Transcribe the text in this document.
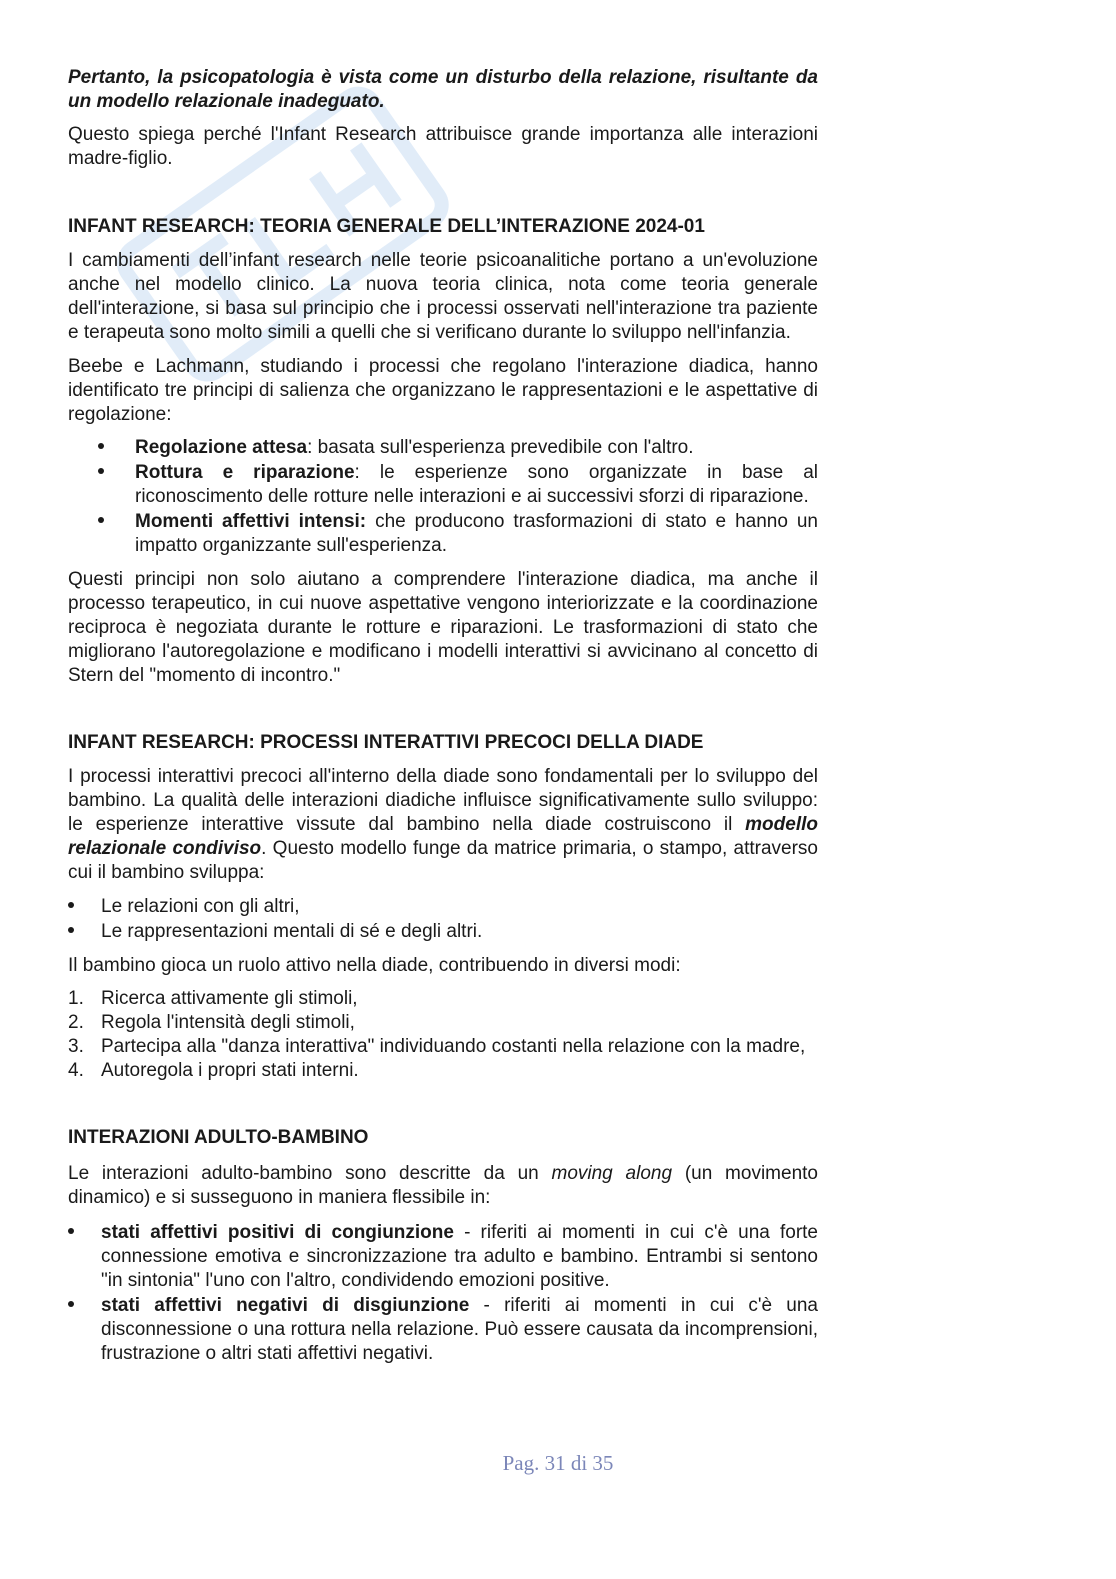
Pertanto, la psicopatologia è vista come un disturbo della relazione, risultante da un modello relazionale inadeguato.

Questo spiega perché l'Infant Research attribuisce grande importanza alle interazioni madre-figlio.

INFANT RESEARCH: TEORIA GENERALE DELL’INTERAZIONE 2024-01

I cambiamenti dell’infant research nelle teorie psicoanalitiche portano a un'evoluzione anche nel modello clinico. La nuova teoria clinica, nota come teoria generale dell'interazione, si basa sul principio che i processi osservati nell'interazione tra paziente e terapeuta sono molto simili a quelli che si verificano durante lo sviluppo nell'infanzia.

Beebe e Lachmann, studiando i processi che regolano l'interazione diadica, hanno identificato tre principi di salienza che organizzano le rappresentazioni e le aspettative di regolazione:

Regolazione attesa: basata sull'esperienza prevedibile con l'altro.
Rottura e riparazione: le esperienze sono organizzate in base al riconoscimento delle rotture nelle interazioni e ai successivi sforzi di riparazione.
Momenti affettivi intensi: che producono trasformazioni di stato e hanno un impatto organizzante sull'esperienza.

Questi principi non solo aiutano a comprendere l'interazione diadica, ma anche il processo terapeutico, in cui nuove aspettative vengono interiorizzate e la coordinazione reciproca è negoziata durante le rotture e riparazioni. Le trasformazioni di stato che migliorano l'autoregolazione e modificano i modelli interattivi si avvicinano al concetto di Stern del "momento di incontro."

INFANT RESEARCH: PROCESSI INTERATTIVI PRECOCI DELLA DIADE

I processi interattivi precoci all'interno della diade sono fondamentali per lo sviluppo del bambino. La qualità delle interazioni diadiche influisce significativamente sullo sviluppo: le esperienze interattive vissute dal bambino nella diade costruiscono il modello relazionale condiviso. Questo modello funge da matrice primaria, o stampo, attraverso cui il bambino sviluppa:

Le relazioni con gli altri,
Le rappresentazioni mentali di sé e degli altri.

Il bambino gioca un ruolo attivo nella diade, contribuendo in diversi modi:

1. Ricerca attivamente gli stimoli,
2. Regola l'intensità degli stimoli,
3. Partecipa alla "danza interattiva" individuando costanti nella relazione con la madre,
4. Autoregola i propri stati interni.
INTERAZIONI ADULTO-BAMBINO

Le interazioni adulto-bambino sono descritte da un moving along (un movimento dinamico) e si susseguono in maniera flessibile in:

stati affettivi positivi di congiunzione - riferiti ai momenti in cui c'è una forte connessione emotiva e sincronizzazione tra adulto e bambino. Entrambi si sentono "in sintonia" l'uno con l'altro, condividendo emozioni positive.
stati affettivi negativi di disgiunzione - riferiti ai momenti in cui c'è una disconnessione o una rottura nella relazione. Può essere causata da incomprensioni, frustrazione o altri stati affettivi negativi.
Pag. 31 di 35
